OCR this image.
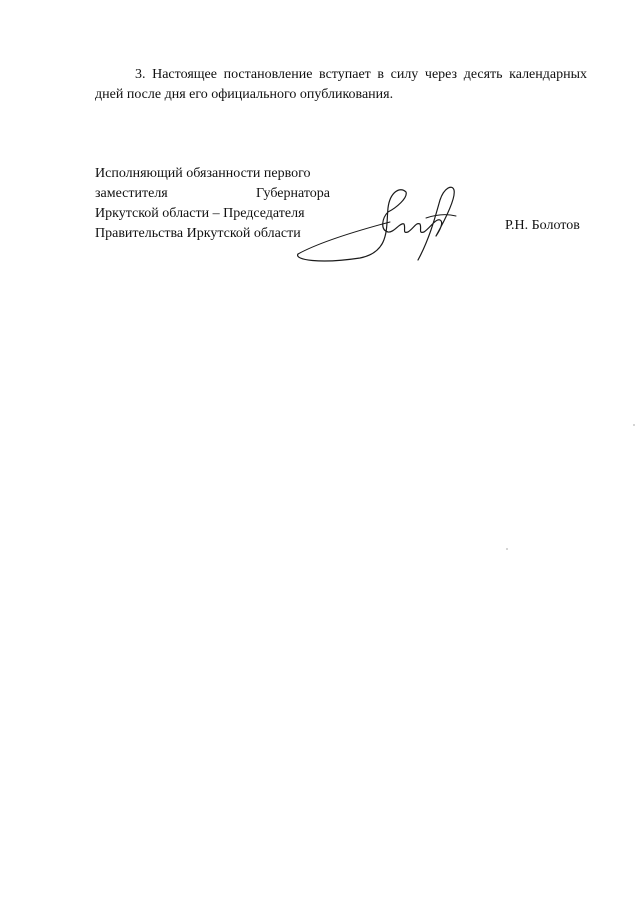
3. Настоящее постановление вступает в силу через десять календарных дней после дня его официального опубликования.

Исполняющий обязанности первого
заместителя	Губернатора
Иркутской области – Председателя
Правительства Иркутской области
Р.Н. Болотов
